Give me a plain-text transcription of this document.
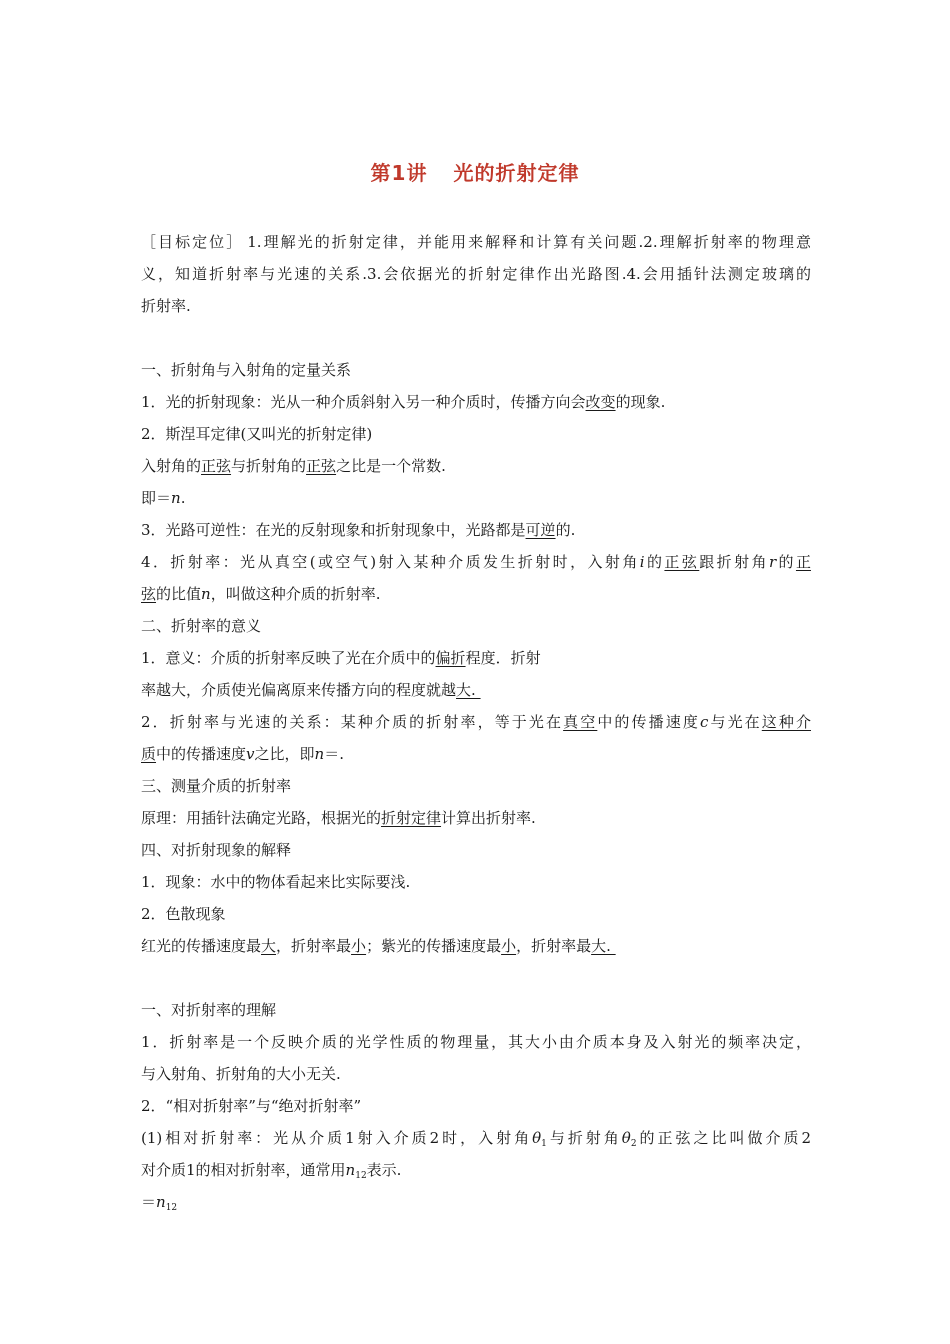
第1讲 光的折射定律
［目标定位］ 1.理解光的折射定律，并能用来解释和计算有关问题.2.理解折射率的物理意
义，知道折射率与光速的关系.3.会依据光的折射定律作出光路图.4.会用插针法测定玻璃的
折射率.
一、折射角与入射角的定量关系
1．光的折射现象：光从一种介质斜射入另一种介质时，传播方向会改变的现象.
2．斯涅耳定律(又叫光的折射定律)
入射角的正弦与折射角的正弦之比是一个常数.
即＝n.
3．光路可逆性：在光的反射现象和折射现象中，光路都是可逆的.
4．折射率：光从真空(或空气)射入某种介质发生折射时，入射角i的正弦跟折射角r的正
弦的比值n，叫做这种介质的折射率.
二、折射率的意义
1．意义：介质的折射率反映了光在介质中的偏折程度．折射
率越大，介质使光偏离原来传播方向的程度就越大.
2．折射率与光速的关系：某种介质的折射率，等于光在真空中的传播速度c与光在这种介
质中的传播速度v之比，即n＝.
三、测量介质的折射率
原理：用插针法确定光路，根据光的折射定律计算出折射率.
四、对折射现象的解释
1．现象：水中的物体看起来比实际要浅.
2．色散现象
红光的传播速度最大，折射率最小；紫光的传播速度最小，折射率最大.
一、对折射率的理解
1．折射率是一个反映介质的光学性质的物理量，其大小由介质本身及入射光的频率决定，
与入射角、折射角的大小无关.
2．“相对折射率”与“绝对折射率”
(1)相对折射率：光从介质1射入介质2时，入射角$\theta_1$与折射角$\theta_2$的正弦之比叫做介质2
对介质1的相对折射率，通常用$n_{12}$表示.
$=n_{12}$
